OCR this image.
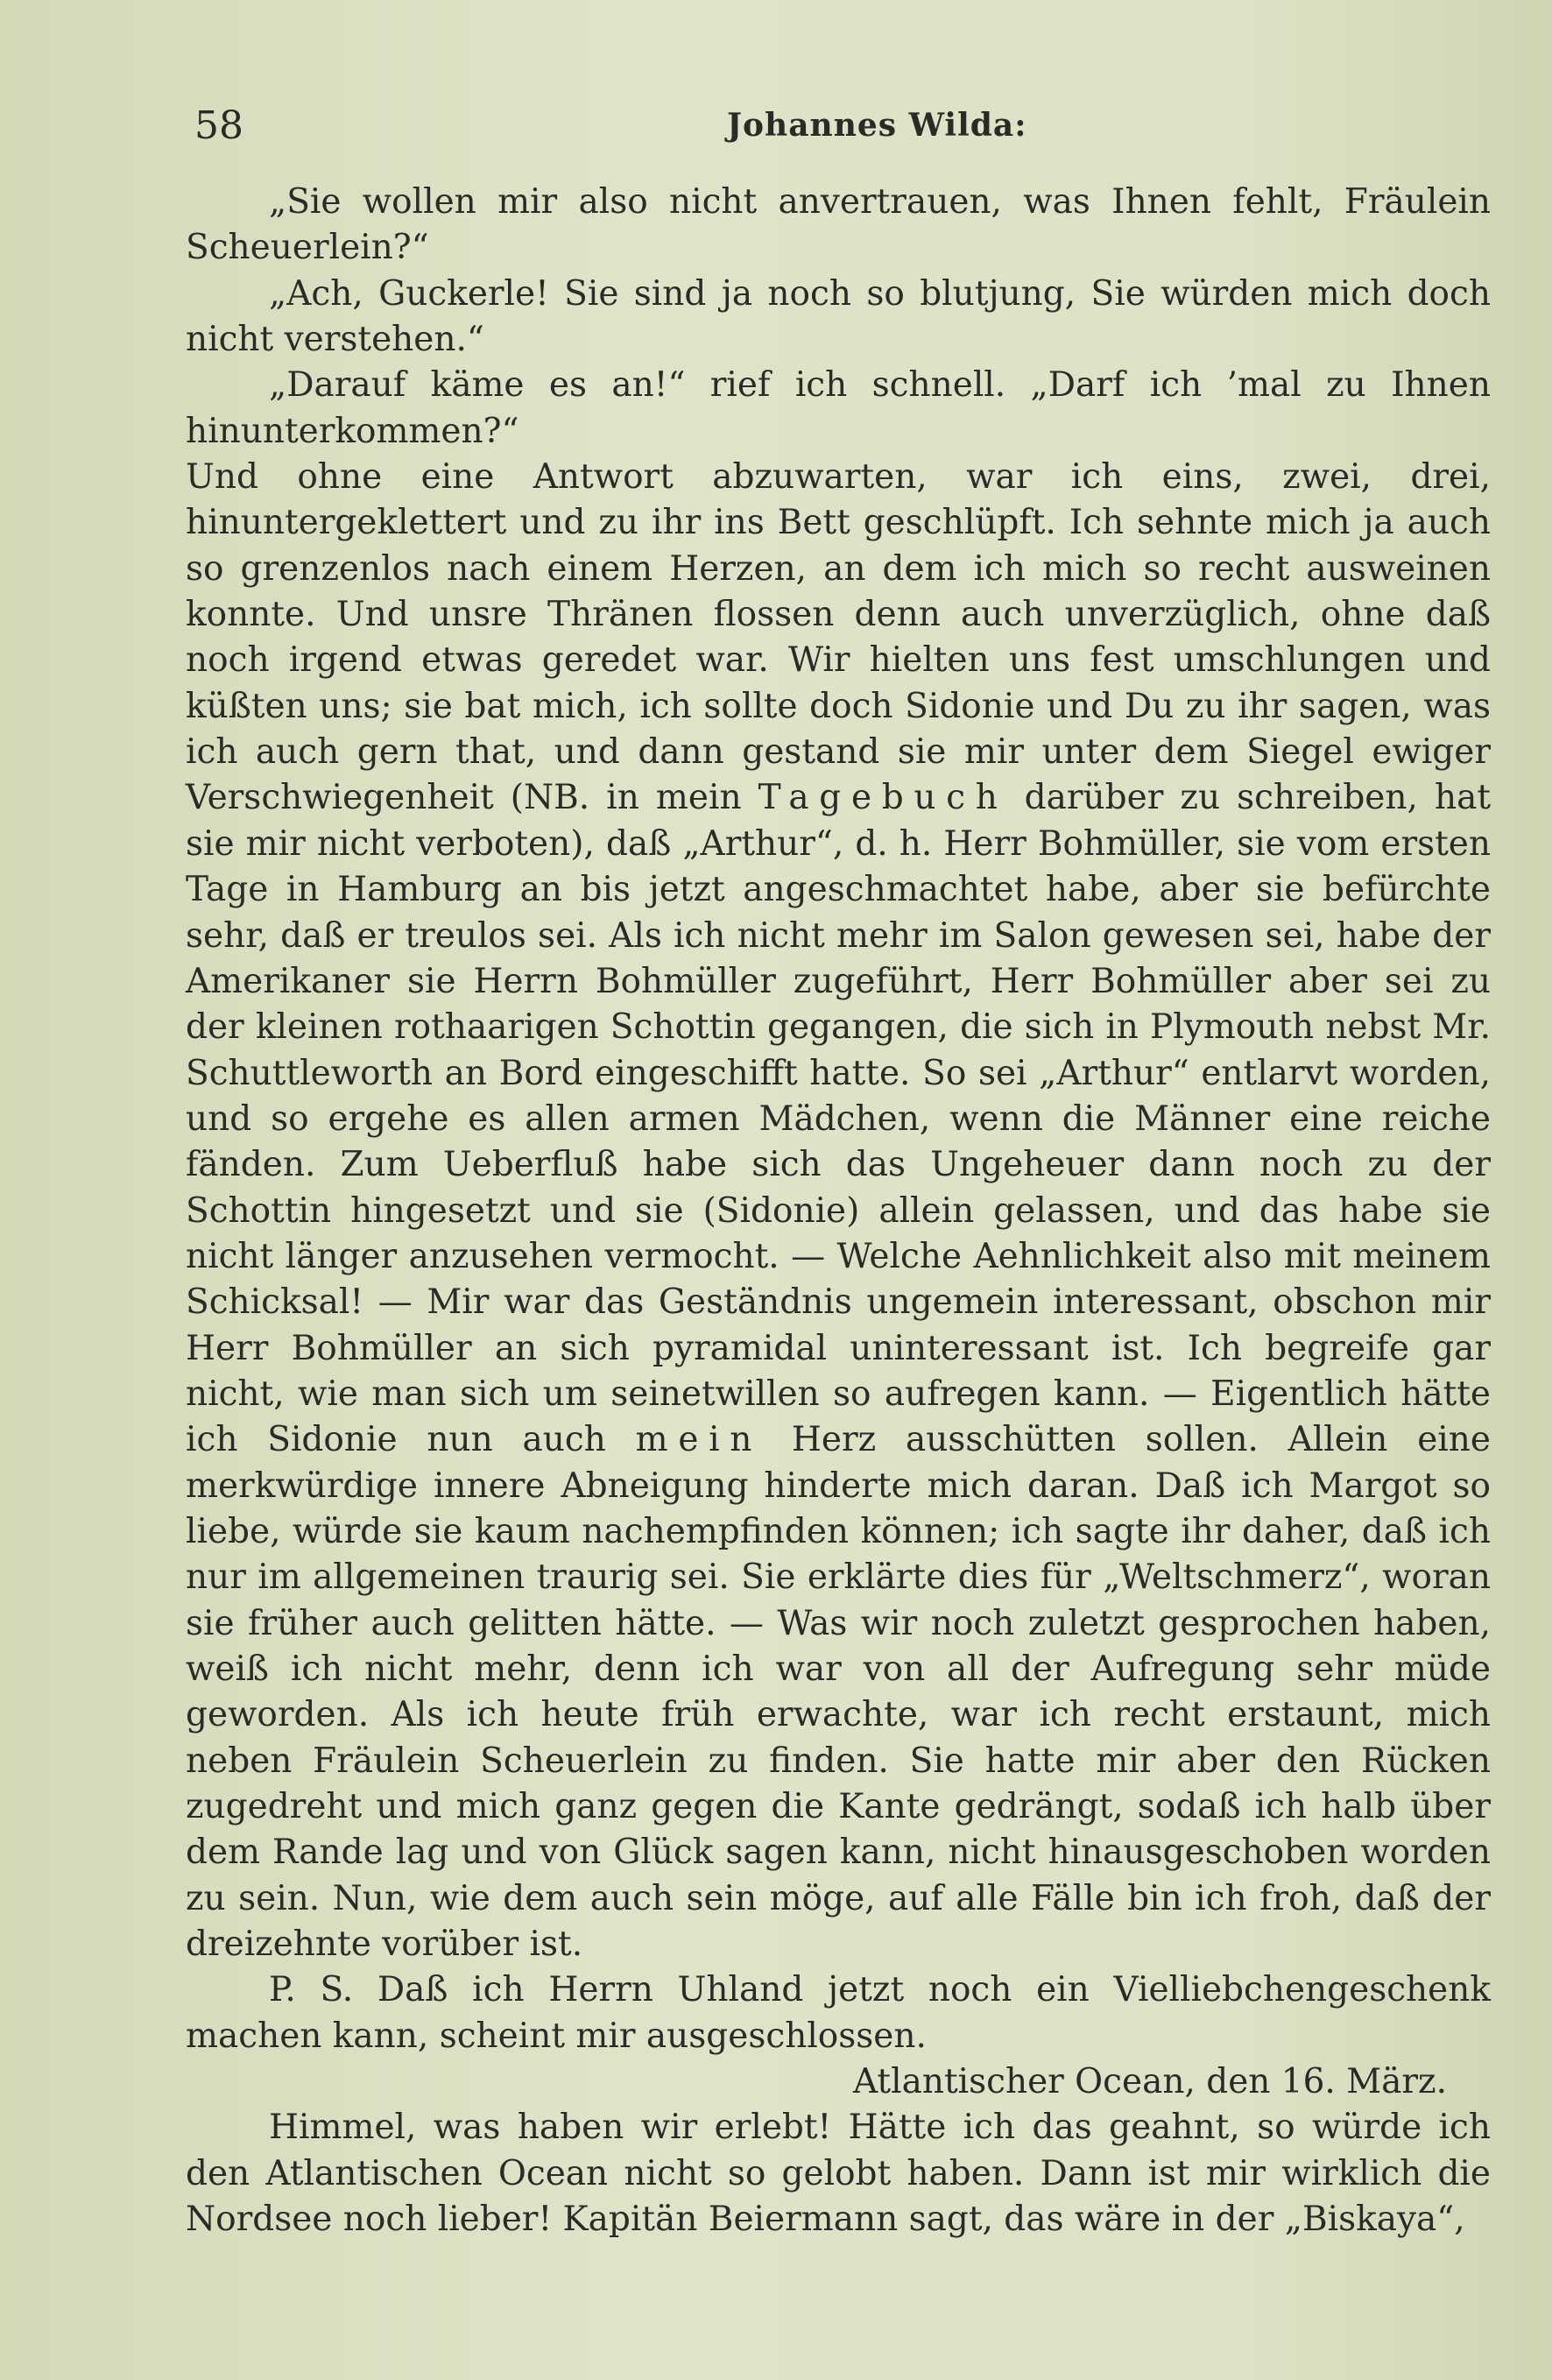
58	Johannes Wilda:

„Sie wollen mir also nicht anvertrauen, was Ihnen fehlt, Fräulein Scheuerlein?“

„Ach, Guckerle! Sie sind ja noch so blutjung, Sie würden mich doch nicht verstehen.“

„Darauf käme es an!“ rief ich schnell. „Darf ich ’mal zu Ihnen hinunterkommen?“

Und ohne eine Antwort abzuwarten, war ich eins, zwei, drei, hinuntergeklettert und zu ihr ins Bett geschlüpft. Ich sehnte mich ja auch so grenzenlos nach einem Herzen, an dem ich mich so recht ausweinen konnte. Und unsre Thränen flossen denn auch unverzüglich, ohne daß noch irgend etwas geredet war. Wir hielten uns fest umschlungen und küßten uns; sie bat mich, ich sollte doch Sidonie und Du zu ihr sagen, was ich auch gern that, und dann gestand sie mir unter dem Siegel ewiger Verschwiegenheit (NB. in mein Tagebuch darüber zu schreiben, hat sie mir nicht verboten), daß „Arthur“, d. h. Herr Bohmüller, sie vom ersten Tage in Hamburg an bis jetzt angeschmachtet habe, aber sie befürchte sehr, daß er treulos sei. Als ich nicht mehr im Salon gewesen sei, habe der Amerikaner sie Herrn Bohmüller zugeführt, Herr Bohmüller aber sei zu der kleinen rothaarigen Schottin gegangen, die sich in Plymouth nebst Mr. Schuttleworth an Bord eingeschifft hatte. So sei „Arthur“ entlarvt worden, und so ergehe es allen armen Mädchen, wenn die Männer eine reiche fänden. Zum Ueberfluß habe sich das Ungeheuer dann noch zu der Schottin hingesetzt und sie (Sidonie) allein gelassen, und das habe sie nicht länger anzusehen vermocht. — Welche Aehnlichkeit also mit meinem Schicksal! — Mir war das Geständnis ungemein interessant, obschon mir Herr Bohmüller an sich pyramidal uninteressant ist. Ich begreife gar nicht, wie man sich um seinetwillen so aufregen kann. — Eigentlich hätte ich Sidonie nun auch mein Herz ausschütten sollen. Allein eine merkwürdige innere Abneigung hinderte mich daran. Daß ich Margot so liebe, würde sie kaum nachempfinden können; ich sagte ihr daher, daß ich nur im allgemeinen traurig sei. Sie erklärte dies für „Weltschmerz“, woran sie früher auch gelitten hätte. — Was wir noch zuletzt gesprochen haben, weiß ich nicht mehr, denn ich war von all der Aufregung sehr müde geworden. Als ich heute früh erwachte, war ich recht erstaunt, mich neben Fräulein Scheuerlein zu finden. Sie hatte mir aber den Rücken zugedreht und mich ganz gegen die Kante gedrängt, sodaß ich halb über dem Rande lag und von Glück sagen kann, nicht hinausgeschoben worden zu sein. Nun, wie dem auch sein möge, auf alle Fälle bin ich froh, daß der dreizehnte vorüber ist.

P. S. Daß ich Herrn Uhland jetzt noch ein Vielliebchengeschenk machen kann, scheint mir ausgeschlossen.

Atlantischer Ocean, den 16. März.

Himmel, was haben wir erlebt! Hätte ich das geahnt, so würde ich den Atlantischen Ocean nicht so gelobt haben. Dann ist mir wirklich die Nordsee noch lieber! Kapitän Beiermann sagt, das wäre in der „Biskaya“,
